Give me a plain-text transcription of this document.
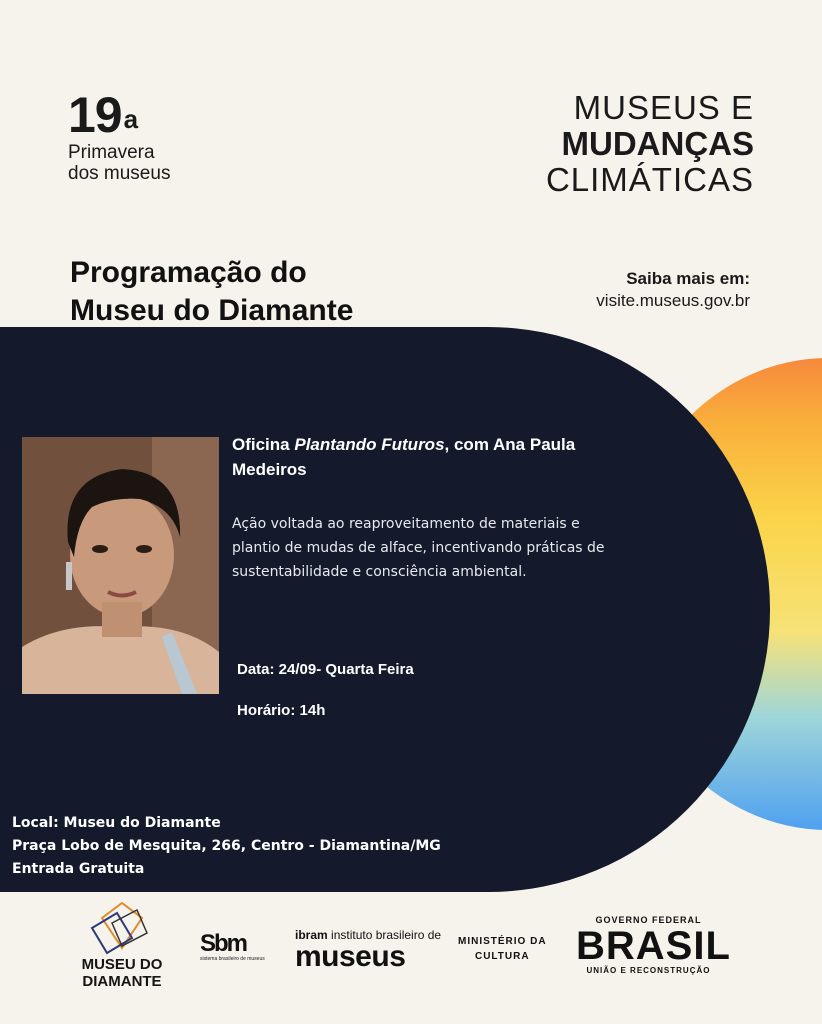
19$^a$
Primavera
dos museus
MUSEUS E
MUDANÇAS
CLIMÁTICAS
Programação do
Museu do Diamante
Saiba mais em:
visite.museus.gov.br
Oficina Plantando Futuros, com Ana Paula Medeiros
Ação voltada ao reaproveitamento de materiais e plantio de mudas de alface, incentivando práticas de sustentabilidade e consciência ambiental.
Data: 24/09- Quarta Feira
Horário: 14h
Local: Museu do Diamante
Praça Lobo de Mesquita, 266, Centro - Diamantina/MG
Entrada Gratuita
MUSEU DO
DIAMANTE
Sbm
sistema brasileiro de museus
ibram instituto brasileiro de
museus	MINISTÉRIO DA
CULTURA
GOVERNO FEDERAL
BRASIL
UNIÃO E RECONSTRUÇÃO
